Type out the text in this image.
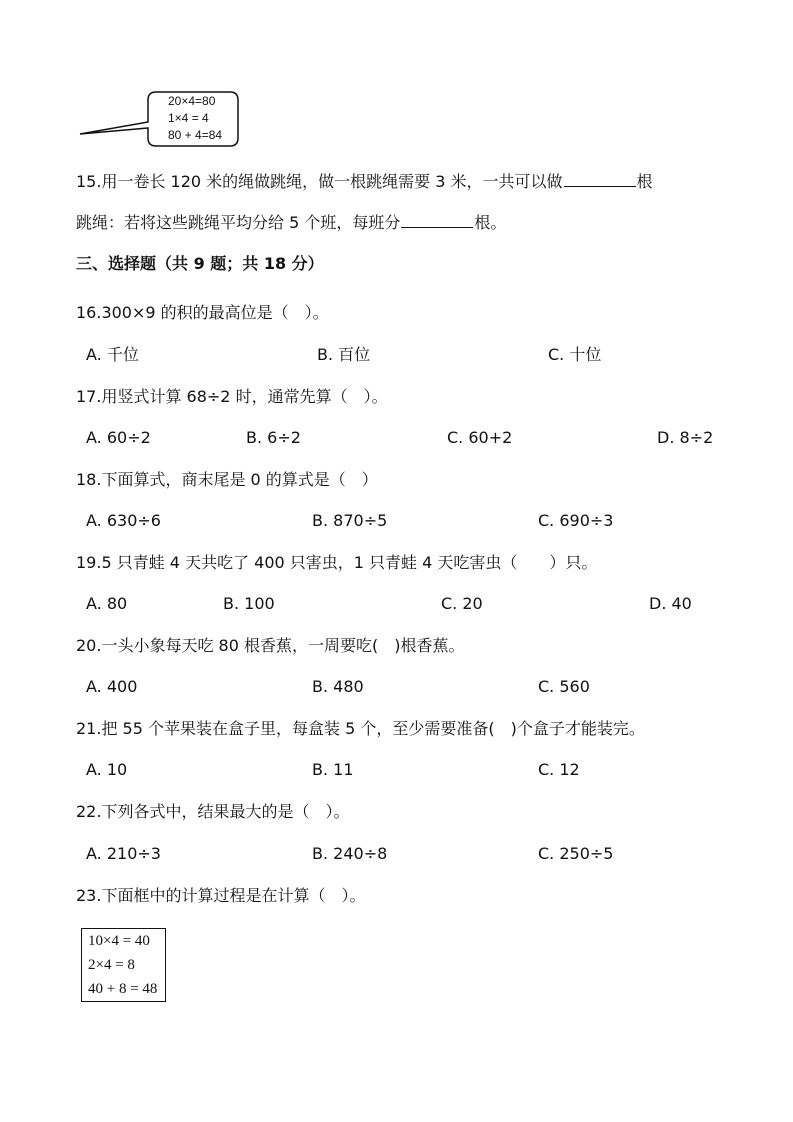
20×4=80
1×4 = 4
80 + 4=84
15.用一卷长 120 米的绳做跳绳，做一根跳绳需要 3 米，一共可以做	根
跳绳：若将这些跳绳平均分给 5 个班，每班分	根。
三、选择题（共 9 题；共 18 分）
16.300×9 的积的最高位是（　）。
A. 千位	B. 百位	C. 十位
17.用竖式计算 68÷2 时，通常先算（　）。
A. 60÷2	B. 6÷2	C. 60+2	D. 8÷2
18.下面算式，商末尾是 0 的算式是（　）
A. 630÷6	B. 870÷5	C. 690÷3
19.5 只青蛙 4 天共吃了 400 只害虫，1 只青蛙 4 天吃害虫（　　）只。
A. 80	B. 100	C. 20	D. 40
20.一头小象每天吃 80 根香蕉，一周要吃(　)根香蕉。
A. 400	B. 480	C. 560
21.把 55 个苹果装在盒子里，每盒装 5 个，至少需要准备(　)个盒子才能装完。
A. 10	B. 11	C. 12
22.下列各式中，结果最大的是（　）。
A. 210÷3	B. 240÷8	C. 250÷5
23.下面框中的计算过程是在计算（　）。
10×4 = 40
2×4 = 8
40 + 8 = 48
